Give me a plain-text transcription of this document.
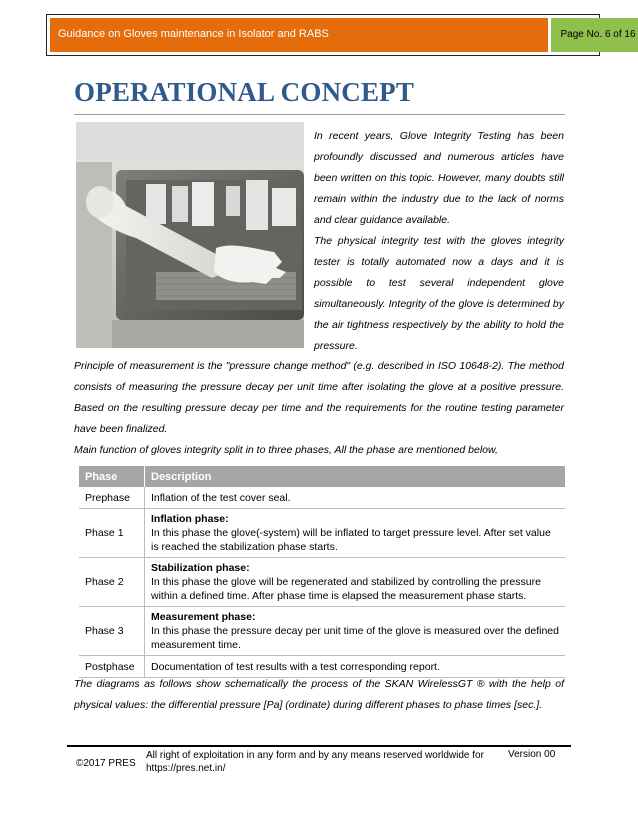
Guidance on Gloves maintenance in Isolator and RABS	Page No. 6 of 16
OPERATIONAL CONCEPT

In recent years, Glove Integrity Testing has been profoundly discussed and numerous articles have been written on this topic. However, many doubts still remain within the industry due to the lack of norms and clear guidance available.

The physical integrity test with the gloves integrity tester is totally automated now a days and it is possible to test several independent glove simultaneously. Integrity of the glove is determined by the air tightness respectively by the ability to hold the pressure.

Principle of measurement is the "pressure change method" (e.g. described in ISO 10648-2). The method consists of measuring the pressure decay per unit time after isolating the glove at a positive pressure. Based on the resulting pressure decay per time and the requirements for the routine testing parameter have been finalized.

Main function of gloves integrity split in to three phases, All the phase are mentioned below,

Phase	Description
Prephase	Inflation of the test cover seal.
Phase 1	Inflation phase:
In this phase the glove(-system) will be inflated to target pressure level. After set value is reached the stabilization phase starts.
Phase 2	Stabilization phase:
In this phase the glove will be regenerated and stabilized by controlling the pressure within a defined time. After phase time is elapsed the measurement phase starts.
Phase 3	Measurement phase:
In this phase the pressure decay per unit time of the glove is measured over the defined measurement time.
Postphase	Documentation of test results with a test corresponding report.

The diagrams as follows show schematically the process of the SKAN WirelessGT ® with the help of physical values: the differential pressure [Pa] (ordinate) during different phases to phase times [sec.].

©2017 PRES
All right of exploitation in any form and by any means reserved worldwide for https://pres.net.in/
Version 00
